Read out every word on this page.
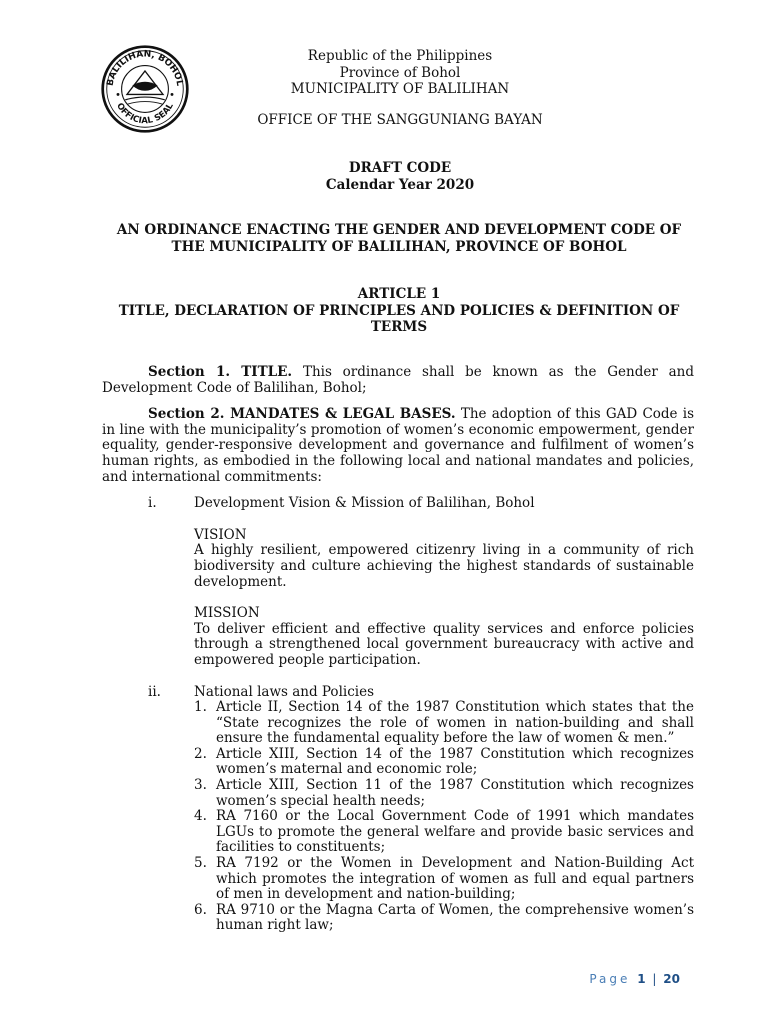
BALILIHAN, BOHOL
OFFICIAL SEAL
Republic of the Philippines
Province of Bohol
MUNICIPALITY OF BALILIHAN
OFFICE OF THE SANGGUNIANG BAYAN
DRAFT CODE
Calendar Year 2020
AN ORDINANCE ENACTING THE GENDER AND DEVELOPMENT CODE OF
THE MUNICIPALITY OF BALILIHAN, PROVINCE OF BOHOL
ARTICLE 1
TITLE, DECLARATION OF PRINCIPLES AND POLICIES & DEFINITION OF TERMS

Section 1. TITLE. This ordinance shall be known as the Gender and Development Code of Balilihan, Bohol;

Section 2. MANDATES & LEGAL BASES. The adoption of this GAD Code is in line with the municipality’s promotion of women’s economic empowerment, gender equality, gender-responsive development and governance and fulfilment of women’s human rights, as embodied in the following local and national mandates and policies, and international commitments:

i.	Development Vision & Mission of Balilihan, Bohol
VISION
A highly resilient, empowered citizenry living in a community of rich biodiversity and culture achieving the highest standards of sustainable development.
MISSION
To deliver efficient and effective quality services and enforce policies through a strengthened local government bureaucracy with active and empowered people participation.
ii.	National laws and Policies
1. Article II, Section 14 of the 1987 Constitution which states that the “State recognizes the role of women in nation-building and shall ensure the fundamental equality before the law of women & men.”
2. Article XIII, Section 14 of the 1987 Constitution which recognizes women’s maternal and economic role;
3. Article XIII, Section 11 of the 1987 Constitution which recognizes women’s special health needs;
4. RA 7160 or the Local Government Code of 1991 which mandates LGUs to promote the general welfare and provide basic services and facilities to constituents;
5. RA 7192 or the Women in Development and Nation-Building Act which promotes the integration of women as full and equal partners of men in development and nation-building;
6. RA 9710 or the Magna Carta of Women, the comprehensive women’s human right law;
Page 1 | 20
